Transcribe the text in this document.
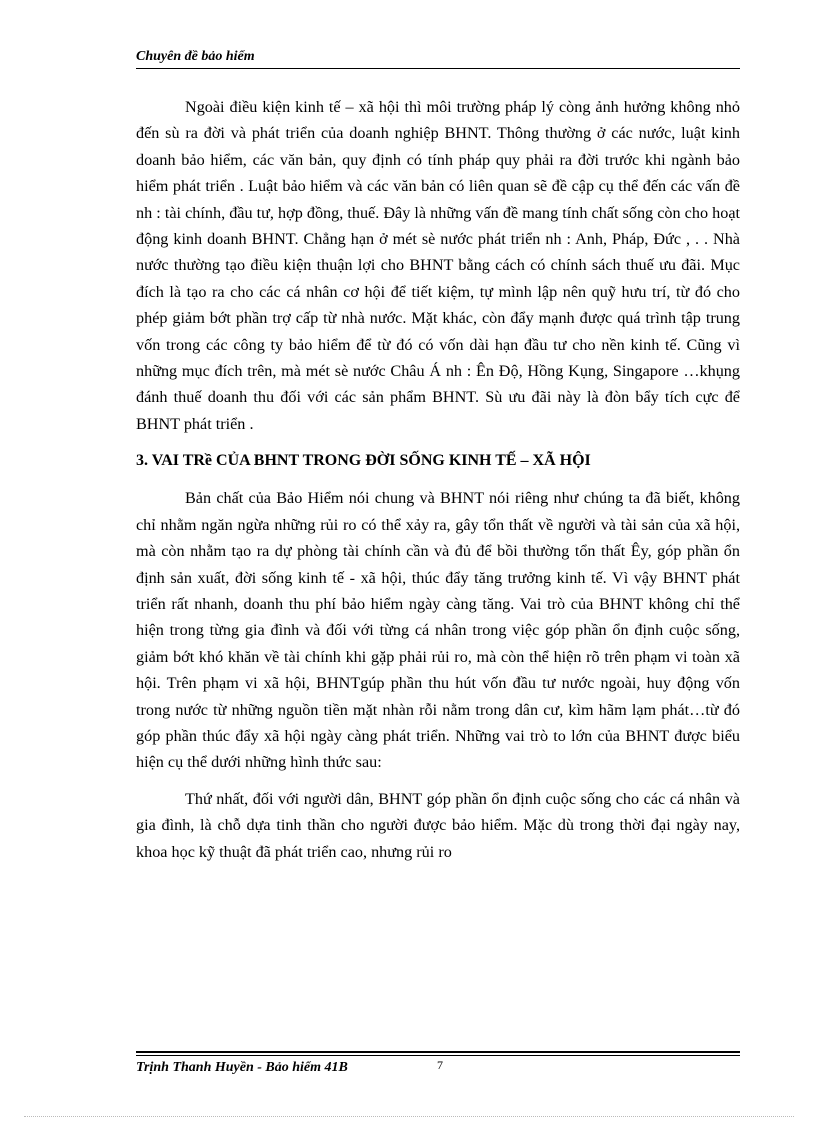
Chuyên đề bảo hiểm

Ngoài điều kiện kinh tế – xã hội thì môi trường pháp lý còng ảnh hưởng không nhỏ đến sù ra đời và phát triển của doanh nghiệp BHNT. Thông thường ở các nước, luật kinh doanh bảo hiểm, các văn bản, quy định có tính pháp quy phải ra đời trước khi ngành bảo hiểm phát triển . Luật bảo hiểm và các văn bản có liên quan sẽ đề cập cụ thể đến các vấn đề nh : tài chính, đầu tư, hợp đồng, thuế. Đây là những vấn đề mang tính chất sống còn cho hoạt động kinh doanh BHNT. Chẳng hạn ở mét sè nước phát triển nh : Anh, Pháp, Đức , . . Nhà nước thường tạo điều kiện thuận lợi cho BHNT bằng cách có chính sách thuế ưu đãi. Mục đích là tạo ra cho các cá nhân cơ hội để tiết kiệm, tự mình lập nên quỹ hưu trí, từ đó cho phép giảm bớt phần trợ cấp từ nhà nước. Mặt khác, còn đẩy mạnh được quá trình tập trung vốn trong các công ty bảo hiểm để từ đó có vốn dài hạn đầu tư cho nền kinh tế. Cũng vì những mục đích trên, mà mét sè nước Châu Á nh : Ên Độ, Hồng Kụng, Singapore …khụng đánh thuế doanh thu đối với các sản phẩm BHNT. Sù ưu đãi này là đòn bẩy tích cực để BHNT phát triển .

3. VAI TRề CỦA BHNT TRONG ĐỜI SỐNG KINH TẾ – XÃ HỘI

Bản chất của Bảo Hiểm nói chung và BHNT nói riêng như chúng ta đã biết, không chỉ nhằm ngăn ngừa những rủi ro có thể xảy ra, gây tổn thất về người và tài sản của xã hội, mà còn nhằm tạo ra dự phòng tài chính cần và đủ để bồi thường tổn thất Êy, góp phần ổn định sản xuất, đời sống kinh tế - xã hội, thúc đẩy tăng trưởng kinh tế. Vì vậy BHNT phát triển rất nhanh, doanh thu phí bảo hiểm ngày càng tăng. Vai trò của BHNT không chỉ thể hiện trong từng gia đình và đối với từng cá nhân trong việc góp phần ổn định cuộc sống, giảm bớt khó khăn về tài chính khi gặp phải rủi ro, mà còn thể hiện rõ trên phạm vi toàn xã hội. Trên phạm vi xã hội, BHNTgúp phần thu hút vốn đầu tư nước ngoài, huy động vốn trong nước từ những nguồn tiền mặt nhàn rỗi nằm trong dân cư, kìm hãm lạm phát…từ đó góp phần thúc đẩy xã hội ngày càng phát triển. Những vai trò to lớn của BHNT được biểu hiện cụ thể dưới những hình thức sau:

Thứ nhất, đối với người dân, BHNT góp phần ổn định cuộc sống cho các cá nhân và gia đình, là chỗ dựa tinh thần cho người được bảo hiểm. Mặc dù trong thời đại ngày nay, khoa học kỹ thuật đã phát triển cao, nhưng rủi ro

Trịnh Thanh Huyền - Bảo hiểm 41B	7
